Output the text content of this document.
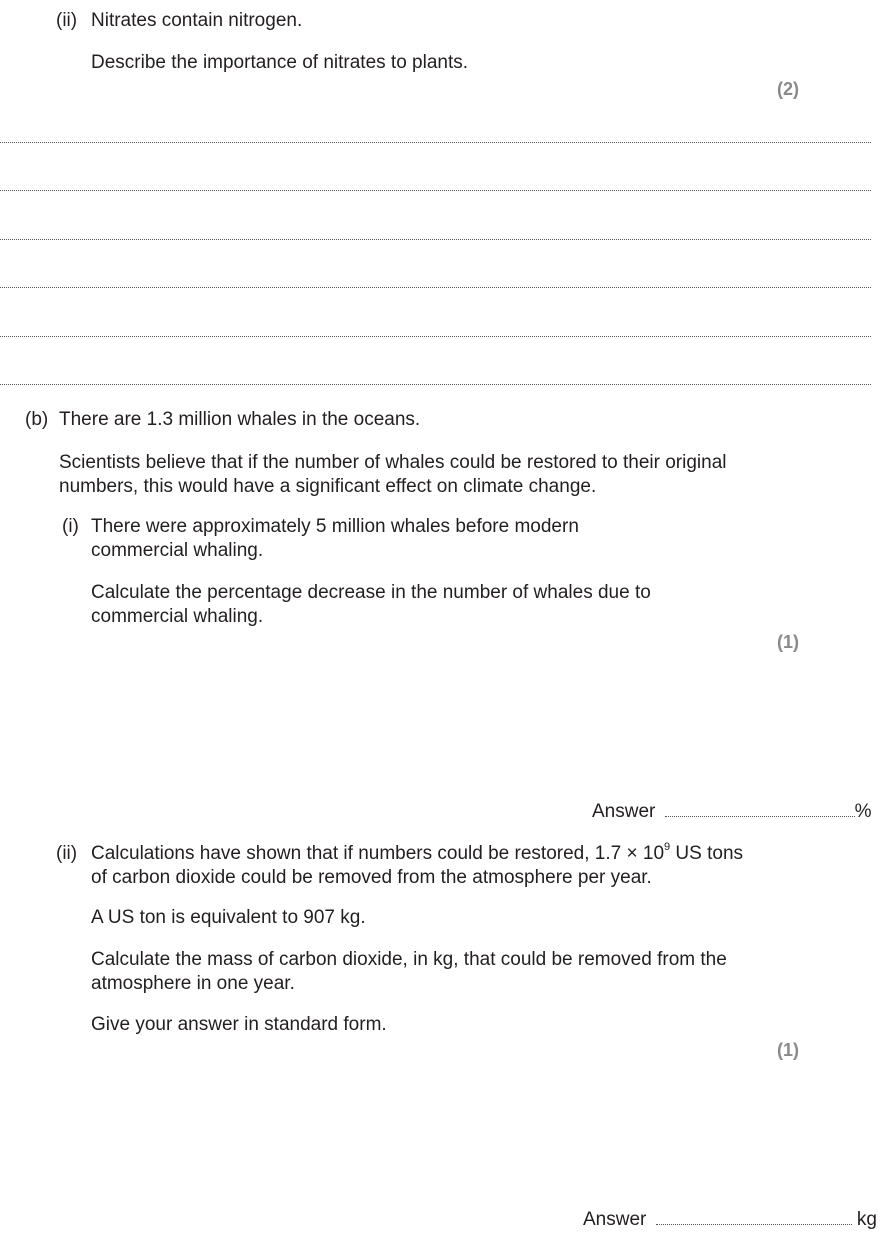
(ii) Nitrates contain nitrogen.
Describe the importance of nitrates to plants.
(2)
(b) There are 1.3 million whales in the oceans.
Scientists believe that if the number of whales could be restored to their original
numbers, this would have a significant effect on climate change.
(i) There were approximately 5 million whales before modern
commercial whaling.
Calculate the percentage decrease in the number of whales due to
commercial whaling.
(1)
Answer	%
(ii) Calculations have shown that if numbers could be restored, $1.7 \times 10^9$ US tons
of carbon dioxide could be removed from the atmosphere per year.
A US ton is equivalent to 907 kg.
Calculate the mass of carbon dioxide, in kg, that could be removed from the
atmosphere in one year.
Give your answer in standard form.
(1)
Answer	kg
